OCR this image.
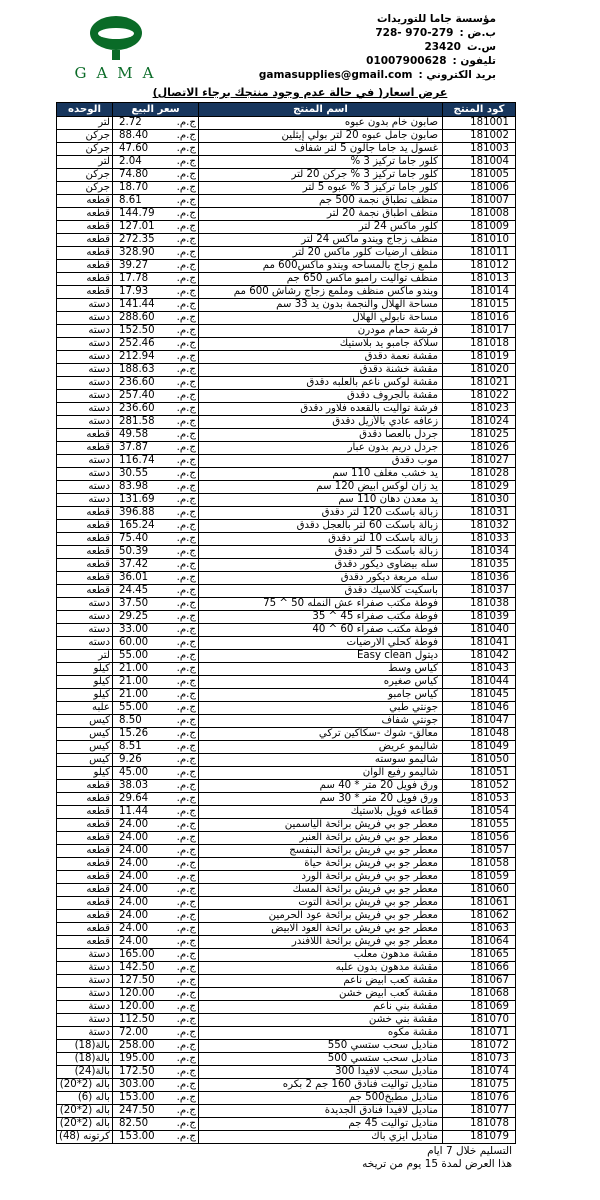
GAMA
مؤسسة جاما للتوريدات
ب.ض :728- 970-279
س.ت23420
تليفون :01007900628
بريد الكتروني :gamasupplies@gmail.com
عرض اسعار( في حالة عدم وجود منتجك برجاء الاتصال)
الوحده	سعر البيع	اسم المنتج	كود المنتج
لتر	2.72 ج.م.	صابون خام بدون عبوه	181001
جركن	88.40 ج.م.	صابون جامل عبوه 20 لتر بولي إيثلين	181002
جركن	47.60 ج.م.	غسول يد جاما جالون 5 لتر شفاف	181003
لتر	2.04 ج.م.	كلور جاما تركيز 3 %	181004
جركن	74.80 ج.م.	كلور جاما تركيز 3 % جركن 20 لتر	181005
جركن	18.70 ج.م.	كلور جاما تركيز 3 % عبوه 5 لتر	181006
قطعه	8.61 ج.م.	منظف تطباق نجمة 500 جم	181007
قطعه	144.79 ج.م.	منظف اطباق نجمة 20 لتر	181008
قطعه	127.01 ج.م.	كلور ماكس 24 لتر	181009
قطعه	272.35 ج.م.	منظف زجاج ويندو ماكس 24 لتر	181010
قطعه	328.90 ج.م.	منظف ارضيات كلور ماكس 20 لتر	181011
قطعه	39.27 ج.م.	ملمع زجاج بالمساحه ويندو ماكس600 مم	181012
قطعه	17.78 ج.م.	منظف تواليت رامبو ماكس 650 جم	181013
قطعه	17.93 ج.م.	ويندو ماكس منظف وملمع زجاج رشاش 600 مم	181014
دسته	141.44 ج.م.	مساحة الهلال والنجمة بدون يد 33 سم	181015
دسته	288.60 ج.م.	مساحة نابولي الهلال	181016
دسته	152.50 ج.م.	فرشة حمام مودرن	181017
دسته	252.46 ج.م.	سلاكة جامبو يد بلاستيك	181018
دسته	212.94 ج.م.	مقشة نعمة دقدق	181019
دسته	188.63 ج.م.	مقشة خشنة دقدق	181020
دسته	236.60 ج.م.	مقشة لوكس ناعم بالعلبه دقدق	181021
دسته	257.40 ج.م.	مقشة بالجروف دقدق	181022
دسته	236.60 ج.م.	فرشة تواليت بالقعده فلاور دقدق	181023
دسته	281.58 ج.م.	زعافه عادي بالأزيل دقدق	181024
قطعه	49.58 ج.م.	جردل بالعصا دقدق	181025
قطعه	37.87 ج.م.	جردل دريم بدون عبار	181026
دسته	116.74 ج.م.	موب دقدق	181027
دسته	30.55 ج.م.	يد خشب مغلف 110 سم	181028
دسته	83.98 ج.م.	يد زان لوكس ابيض 120 سم	181029
دسته	131.69 ج.م.	يد معدن دهان 110 سم	181030
قطعه	396.88 ج.م.	زبالة باسكت 120 لتر دقدق	181031
قطعه	165.24 ج.م.	زبالة باسكت 60 لتر بالعجل دقدق	181032
قطعه	75.40 ج.م.	زبالة باسكت 10 لتر دقدق	181033
قطعه	50.39 ج.م.	زبالة باسكت 5 لتر دقدق	181034
قطعه	37.42 ج.م.	سله بيضاوى ديكور دقدق	181035
قطعه	36.01 ج.م.	سله مربعة ديكور دقدق	181036
قطعه	24.45 ج.م.	باسكيت كلاسيك دقدق	181037
دسته	37.50 ج.م.	فوطة مكتب صفراء عش النمله 50 ^ 75	181038
دسته	29.25 ج.م.	فوطة مكتب صفراء 45 ^ 35	181039
دسته	33.00 ج.م.	فوطة مكتب صفراء 60 ^ 40	181040
دسته	60.00 ج.م.	فوطة كحلي الارضيات	181041
لتر	55.00 ج.م.	ديتول Easy clean	181042
كيلو	21.00 ج.م.	كياس وسط	181043
كيلو	21.00 ج.م.	كياس صغيره	181044
كيلو	21.00 ج.م.	كياس جامبو	181045
علبه	55.00 ج.م.	جونتي طبي	181046
كيس	8.50 ج.م.	جونتي شفاف	181047
كيس	15.26 ج.م.	معالق- شوك -سكاكين تركي	181048
كيس	8.51 ج.م.	شاليمو عريض	181049
كيس	9.26 ج.م.	شاليمو سوسته	181050
كيلو	45.00 ج.م.	شاليمو رفيع الوان	181051
قطعه	38.03 ج.م.	ورق فويل 20 متر * 40 سم	181052
قطعه	29.64 ج.م.	ورق فويل 20 متر * 30 سم	181053
قطعه	11.44 ج.م.	قطاعه فويل بلاستيك	181054
قطعه	24.00 ج.م.	معطر جو بي فريش برائحة الياسمين	181055
قطعه	24.00 ج.م.	معطر جو بي فريش برائحة العنبر	181056
قطعه	24.00 ج.م.	معطر جو بي فريش برائحة البنفسج	181057
قطعه	24.00 ج.م.	معطر جو بي فريش برائحة حياة	181058
قطعه	24.00 ج.م.	معطر جو بي فريش برائحة الورد	181059
قطعه	24.00 ج.م.	معطر جو بي فريش برائحة المسك	181060
قطعه	24.00 ج.م.	معطر جو بي فريش برائحة التوت	181061
قطعه	24.00 ج.م.	معطر جو بي فريش برائحة عود الحرمين	181062
قطعه	24.00 ج.م.	معطر جو بي فريش برائحة العود الابيض	181063
قطعه	24.00 ج.م.	معطر جو بي فريش برائحة اللافندر	181064
دستة	165.00 ج.م.	مقشة مدهون معلب	181065
دستة	142.50 ج.م.	مقشة مدهون بدون علبه	181066
دستة	127.50 ج.م.	مقشة كعب ابيض ناعم	181067
دستة	120.00 ج.م.	مقشة كعب ابيض خشن	181068
دستة	120.00 ج.م.	مقشة بني ناعم	181069
دستة	112.50 ج.م.	مقشة بني خشن	181070
دستة	72.00 ج.م.	مقشة مكوه	181071
بالة(18)	258.00 ج.م.	مناديل سحب ستسي 550	181072
بالة(18)	195.00 ج.م.	مناديل سحب ستسي 500	181073
بالة(24)	172.50 ج.م.	مناديل سحب لافيدا 300	181074
باله (2*20)	303.00 ج.م.	مناديل تواليت فنادق 160 جم 2 بكره	181075
باله (6)	153.00 ج.م.	مناديل مطبخ500 جم	181076
باله (2*20)	247.50 ج.م.	مناديل لافيدا فنادق الجديدة	181077
باله (2*20)	82.50 ج.م.	مناديل تواليت 45 جم	181078
كرتونه (48)	153.00 ج.م.	مناديل ايزي باك	181079
التسليم خلال 7 ايام
هذا العرض لمدة 15 يوم من تريخه
